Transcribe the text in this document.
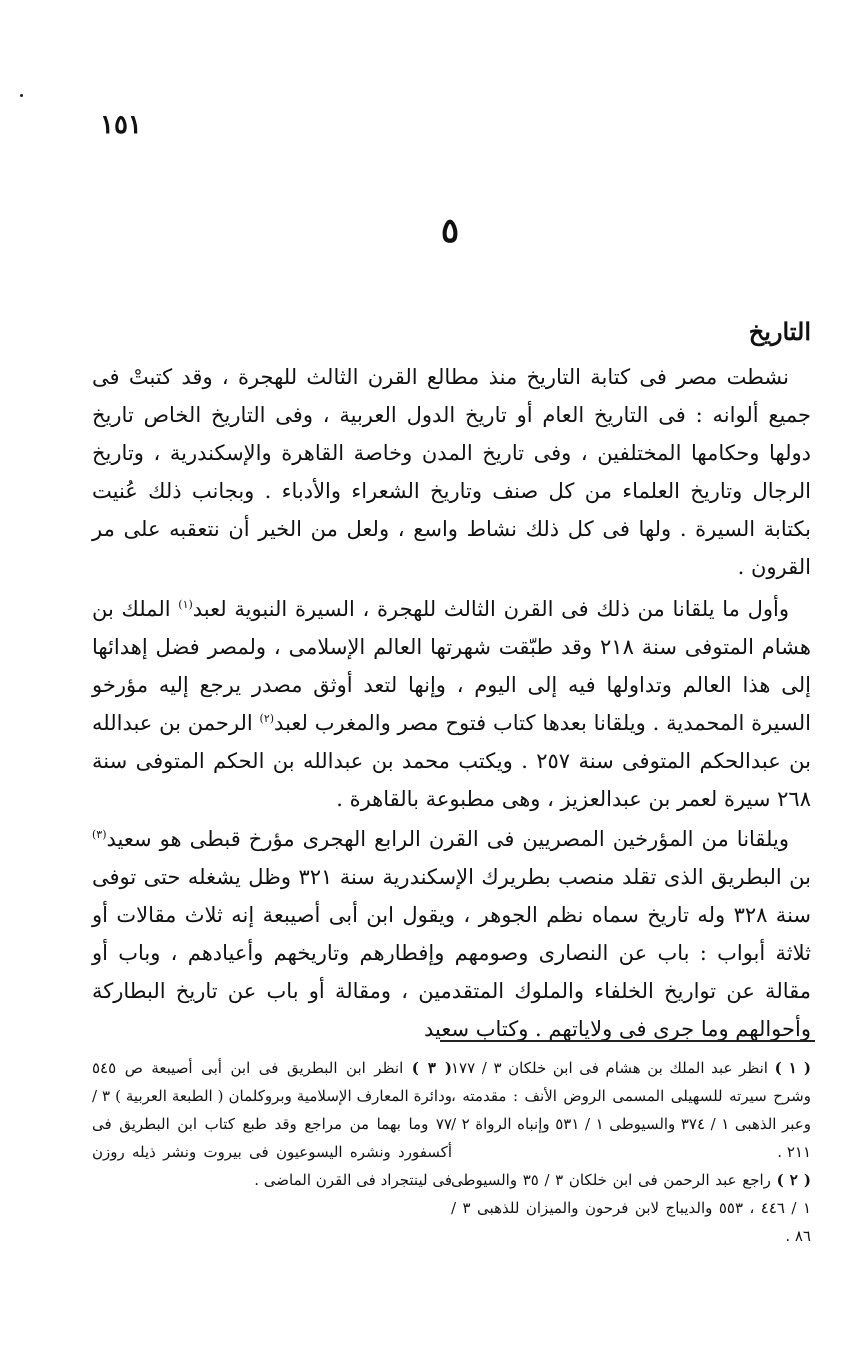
١٥١
٥
التاريخ

نشطت مصر فى كتابة التاريخ منذ مطالع القرن الثالث للهجرة ، وقد كتبتْ فى جميع ألوانه : فى التاريخ العام أو تاريخ الدول العربية ، وفى التاريخ الخاص تاريخ دولها وحكامها المختلفين ، وفى تاريخ المدن وخاصة القاهرة والإسكندرية ، وتاريخ الرجال وتاريخ العلماء من كل صنف وتاريخ الشعراء والأدباء . وبجانب ذلك عُنيت بكتابة السيرة . ولها فى كل ذلك نشاط واسع ، ولعل من الخير أن نتعقبه على مر القرون .

وأول ما يلقانا من ذلك فى القرن الثالث للهجرة ، السيرة النبوية لعبد$^{(١)}$ الملك بن هشام المتوفى سنة ٢١٨ وقد طبّقت شهرتها العالم الإسلامى ، ولمصر فضل إهدائها إلى هذا العالم وتداولها فيه إلى اليوم ، وإنها لتعد أوثق مصدر يرجع إليه مؤرخو السيرة المحمدية . ويلقانا بعدها كتاب فتوح مصر والمغرب لعبد$^{(٢)}$ الرحمن بن عبدالله بن عبدالحكم المتوفى سنة ٢٥٧ . ويكتب محمد بن عبدالله بن الحكم المتوفى سنة ٢٦٨ سيرة لعمر بن عبدالعزيز ، وهى مطبوعة بالقاهرة .

ويلقانا من المؤرخين المصريين فى القرن الرابع الهجرى مؤرخ قبطى هو سعيد$^{(٣)}$ بن البطريق الذى تقلد منصب بطريرك الإسكندرية سنة ٣٢١ وظل يشغله حتى توفى سنة ٣٢٨ وله تاريخ سماه نظم الجوهر ، ويقول ابن أبى أصيبعة إنه ثلاث مقالات أو ثلاثة أبواب : باب عن النصارى وصومهم وإفطارهم وتاريخهم وأعيادهم ، وباب أو مقالة عن تواريخ الخلفاء والملوك المتقدمين ، ومقالة أو باب عن تاريخ البطاركة وأحوالهم وما جرى فى ولاياتهم . وكتاب سعيد

( ١ ) انظر عبد الملك بن هشام فى ابن خلكان ٣ / ١٧٧ وشرح سيرته للسهيلى المسمى الروض الأنف : مقدمته ، وعبر الذهبى ١ / ٣٧٤ والسيوطى ١ / ٥٣١ وإنباه الرواة ٢ / ٢١١ .

( ٢ ) راجع عبد الرحمن فى ابن خلكان ٣ / ٣٥ والسيوطى ١ / ٤٤٦ ، ٥٥٣ والديباج لابن فرحون والميزان للذهبى ٣ / ٨٦ .

( ٣ ) انظر ابن البطريق فى ابن أبى أصيبعة ص ٥٤٥ ودائرة المعارف الإسلامية وبروكلمان ( الطبعة العربية ) ٣ / ٧٧ وما بهما من مراجع وقد طبع كتاب ابن البطريق فى أكسفورد ونشره اليسوعيون فى بيروت ونشر ذيله روزن فى لينتجراد فى القرن الماضى .
